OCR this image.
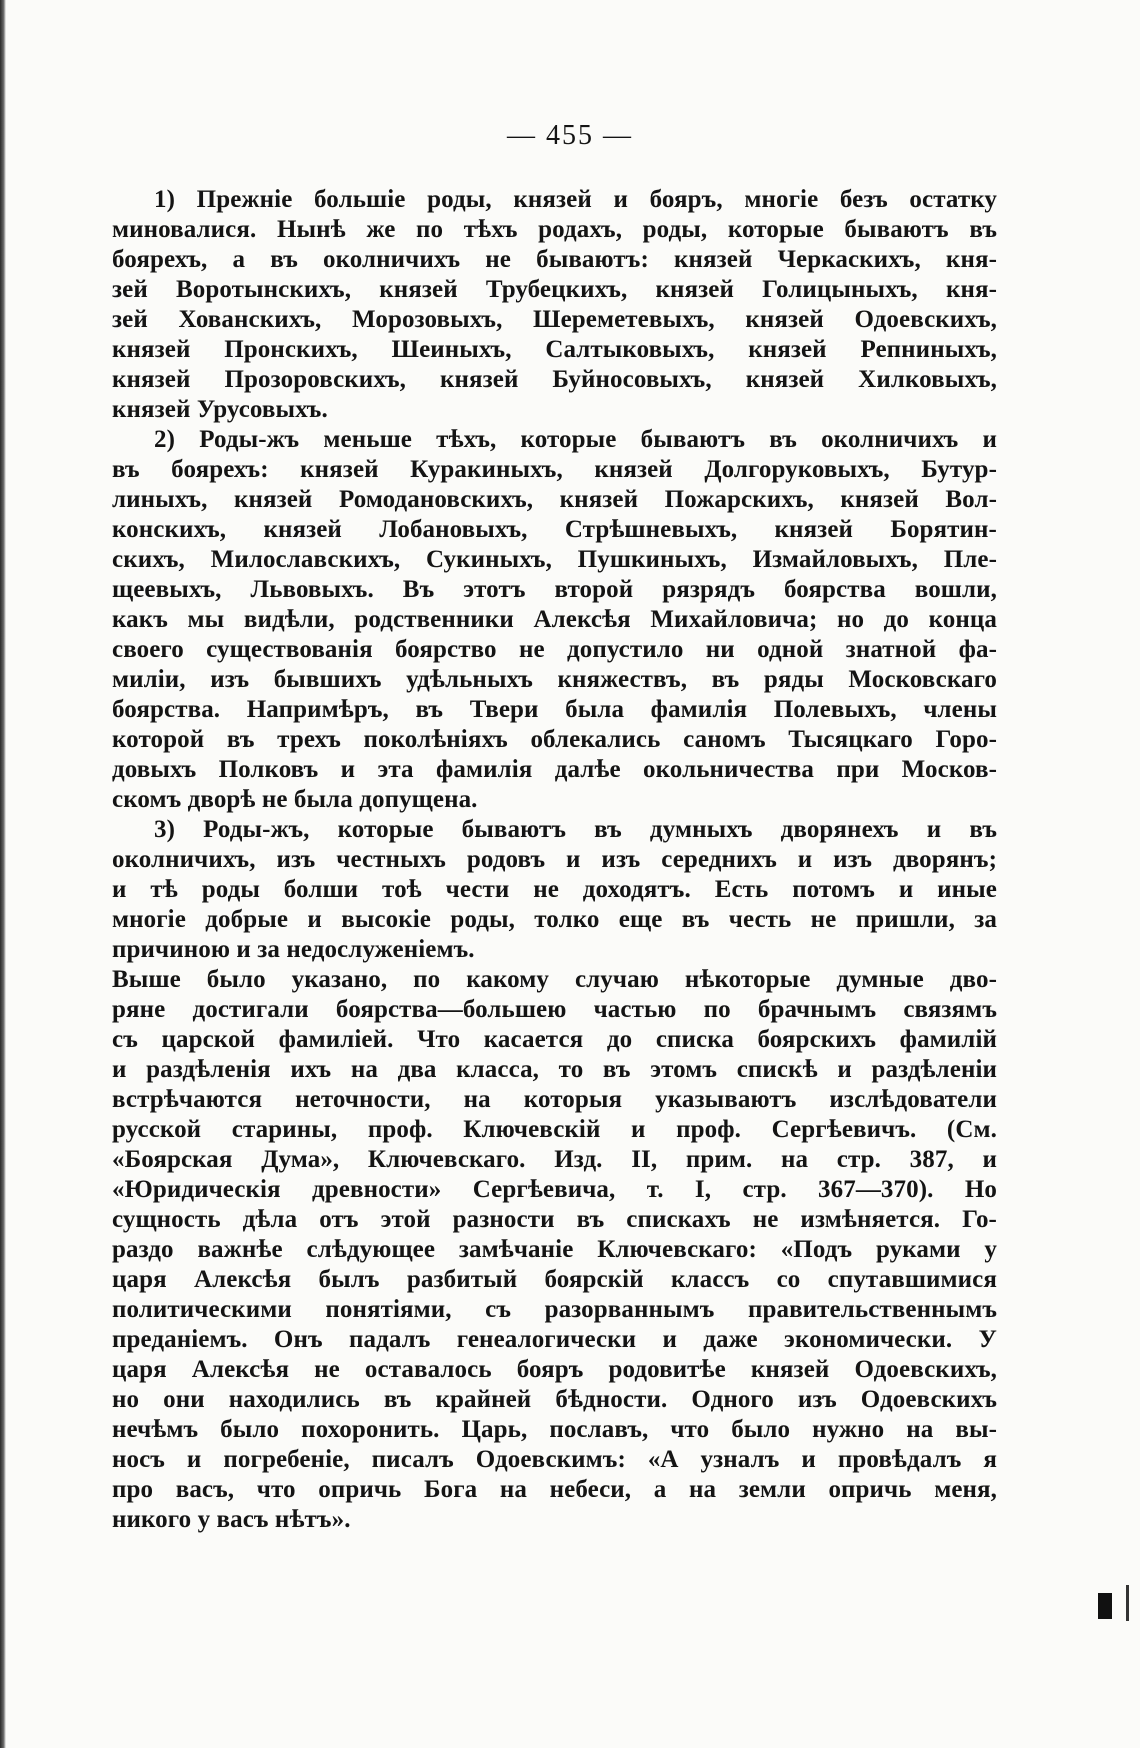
— 455 —
1) Прежніе большіе роды, князей и бояръ, многіе безъ остатку
миновалися. Нынѣ же по тѣхъ родахъ, роды, которые бываютъ въ
боярехъ, а въ околничихъ не бываютъ: князей Черкаскихъ, кня-
зей Воротынскихъ, князей Трубецкихъ, князей Голицыныхъ, кня-
зей Хованскихъ, Морозовыхъ, Шереметевыхъ, князей Одоевскихъ,
князей Пронскихъ, Шеиныхъ, Салтыковыхъ, князей Репниныхъ,
князей Прозоровскихъ, князей Буйносовыхъ, князей Хилковыхъ,
князей Урусовыхъ.
2) Роды-жъ меньше тѣхъ, которые бываютъ въ околничихъ и
въ боярехъ: князей Куракиныхъ, князей Долгоруковыхъ, Бутур-
линыхъ, князей Ромодановскихъ, князей Пожарскихъ, князей Вол-
конскихъ, князей Лобановыхъ, Стрѣшневыхъ, князей Борятин-
скихъ, Милославскихъ, Сукиныхъ, Пушкиныхъ, Измайловыхъ, Пле-
щеевыхъ, Львовыхъ. Въ этотъ второй рязрядъ боярства вошли,
какъ мы видѣли, родственники Алексѣя Михайловича; но до конца
своего существованія боярство не допустило ни одной знатной фа-
миліи, изъ бывшихъ удѣльныхъ княжествъ, въ ряды Московскаго
боярства. Напримѣръ, въ Твери была фамилія Полевыхъ, члены
которой въ трехъ поколѣніяхъ облекались саномъ Тысяцкаго Горо-
довыхъ Полковъ и эта фамилія далѣе окольничества при Москов-
скомъ дворѣ не была допущена.
3) Роды-жъ, которые бываютъ въ думныхъ дворянехъ и въ
околничихъ, изъ честныхъ родовъ и изъ середнихъ и изъ дворянъ;
и тѣ роды болши тоѣ чести не доходятъ. Есть потомъ и иные
многіе добрые и высокіе роды, толко еще въ честь не пришли, за
причиною и за недослуженіемъ.
Выше было указано, по какому случаю нѣкоторые думные дво-
ряне достигали боярства—большею частью по брачнымъ связямъ
съ царской фамиліей. Что касается до списка боярскихъ фамилій
и раздѣленія ихъ на два класса, то въ этомъ спискѣ и раздѣленіи
встрѣчаются неточности, на которыя указываютъ изслѣдователи
русской старины, проф. Ключевскій и проф. Сергѣевичъ. (См.
«Боярская Дума», Ключевскаго. Изд. II, прим. на стр. 387, и
«Юридическія древности» Сергѣевича, т. I, стр. 367—370). Но
сущность дѣла отъ этой разности въ спискахъ не измѣняется. Го-
раздо важнѣе слѣдующее замѣчаніе Ключевскаго: «Подъ руками у
царя Алексѣя былъ разбитый боярскій классъ со спутавшимися
политическими понятіями, съ разорваннымъ правительственнымъ
преданіемъ. Онъ падалъ генеалогически и даже экономически. У
царя Алексѣя не оставалось бояръ родовитѣе князей Одоевскихъ,
но они находились въ крайней бѣдности. Одного изъ Одоевскихъ
нечѣмъ было похоронить. Царь, пославъ, что было нужно на вы-
носъ и погребеніе, писалъ Одоевскимъ: «А узналъ и провѣдалъ я
про васъ, что опричь Бога на небеси, а на земли опричь меня,
никого у васъ нѣтъ».
